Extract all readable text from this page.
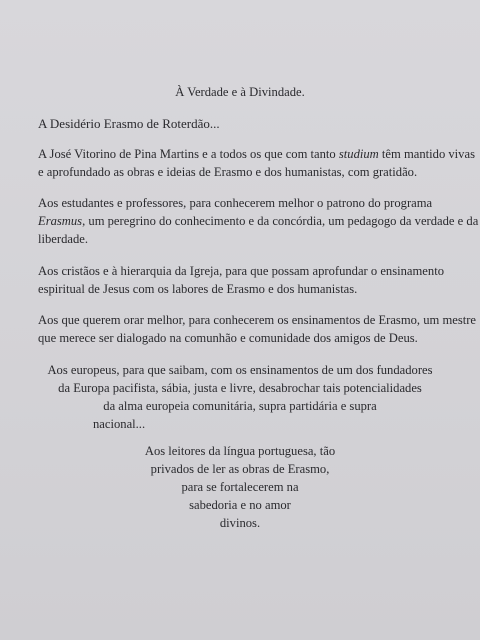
À Verdade e à Divindade.
A Desidério Erasmo de Roterdão...
A José Vitorino de Pina Martins e a todos os que com tanto studium têm mantido vivas
e aprofundado as obras e ideias de Erasmo e dos humanistas, com gratidão.
Aos estudantes e professores, para conhecerem melhor o patrono do programa
Erasmus, um peregrino do conhecimento e da concórdia, um pedagogo da verdade e da
liberdade.
Aos cristãos e à hierarquia da Igreja, para que possam aprofundar o ensinamento
espiritual de Jesus com os labores de Erasmo e dos humanistas.
Aos que querem orar melhor, para conhecerem os ensinamentos de Erasmo, um mestre
que merece ser dialogado na comunhão e comunidade dos amigos de Deus.
Aos europeus, para que saibam, com os ensinamentos de um dos fundadores
da Europa pacifista, sábia, justa e livre, desabrochar tais potencialidades
da alma europeia comunitária, supra partidária e supra
nacional...
Aos leitores da língua portuguesa, tão
privados de ler as obras de Erasmo,
para se fortalecerem na
sabedoria e no amor
divinos.
